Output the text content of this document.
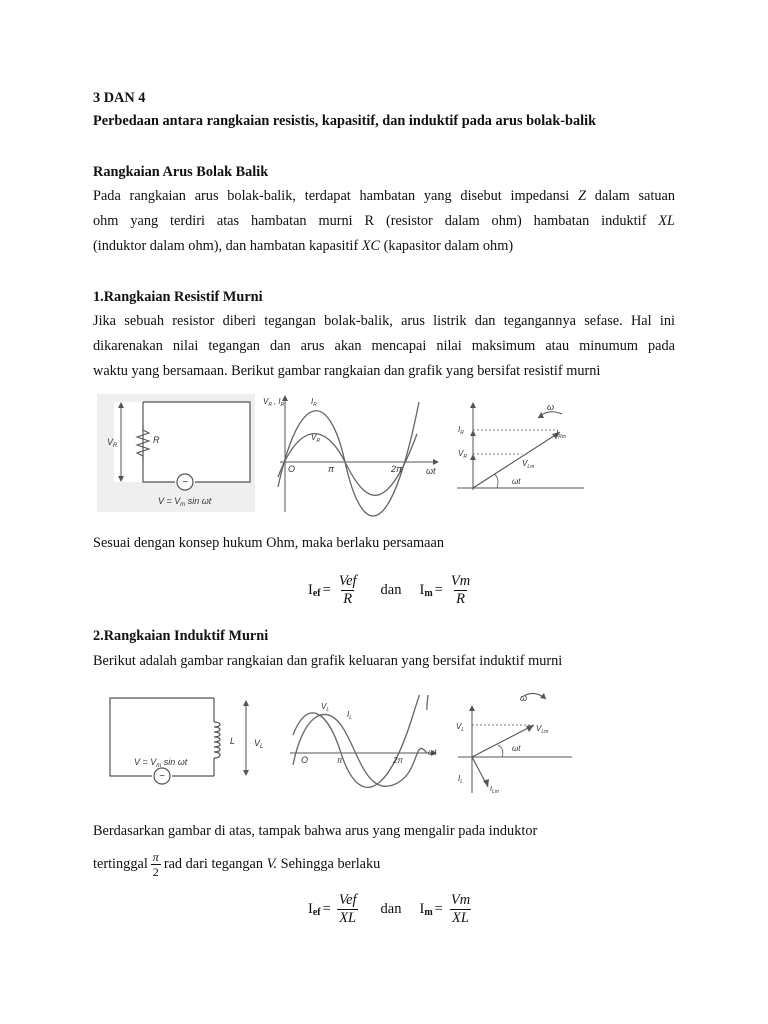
3 DAN 4
Perbedaan antara rangkaian resistis, kapasitif, dan induktif pada arus bolak-balik
Rangkaian Arus Bolak Balik
Pada rangkaian arus bolak-balik, terdapat hambatan yang disebut impedansi Z dalam satuan
ohm yang terdiri atas hambatan murni R (resistor dalam ohm) hambatan induktif XL
(induktor dalam ohm), dan hambatan kapasitif XC (kapasitor dalam ohm)
1.Rangkaian Resistif Murni
Jika sebuah resistor diberi tegangan bolak-balik, arus listrik dan tegangannya sefase. Hal ini
dikarenakan nilai tegangan dan arus akan mencapai nilai maksimum atau minumum pada
waktu yang bersamaan. Berikut gambar rangkaian dan grafik yang bersifat resistif murni
~
$V_R$
R
$V = V_m$ sin ωt
$V_R$ , $I_R$	$I_R$
$V_R$
O	π	2π	ωt
ω
$I_R$
$V_R$
$I_{Rm}$
$V_{Lm}$
ωt
Sesuai dengan konsep hukum Ohm, maka berlaku persamaan
I ef = $\frac{\text{Vef}}{R}$ dan I $m = \frac{Vm}{R}$
2.Rangkaian Induktif Murni
Berikut adalah gambar rangkaian dan grafik keluaran yang bersifat induktif murni
~
L $V_L$
$V = V_m$ sin ωt
$V_L$ $I_L$
O	π	2π
ωt
ω
$V_L$	$V_{Lm}$
ωt
$I_L$
$I_{Lm}$
Berdasarkan gambar di atas, tampak bahwa arus yang mengalir pada induktor
tertinggal $\frac{\pi}{2}$ rad dari tegangan
V. Sehingga berlaku
I ef = $\frac{\text{Vef}}{XL}$ dan I $m = \frac{Vm}{XL}$
